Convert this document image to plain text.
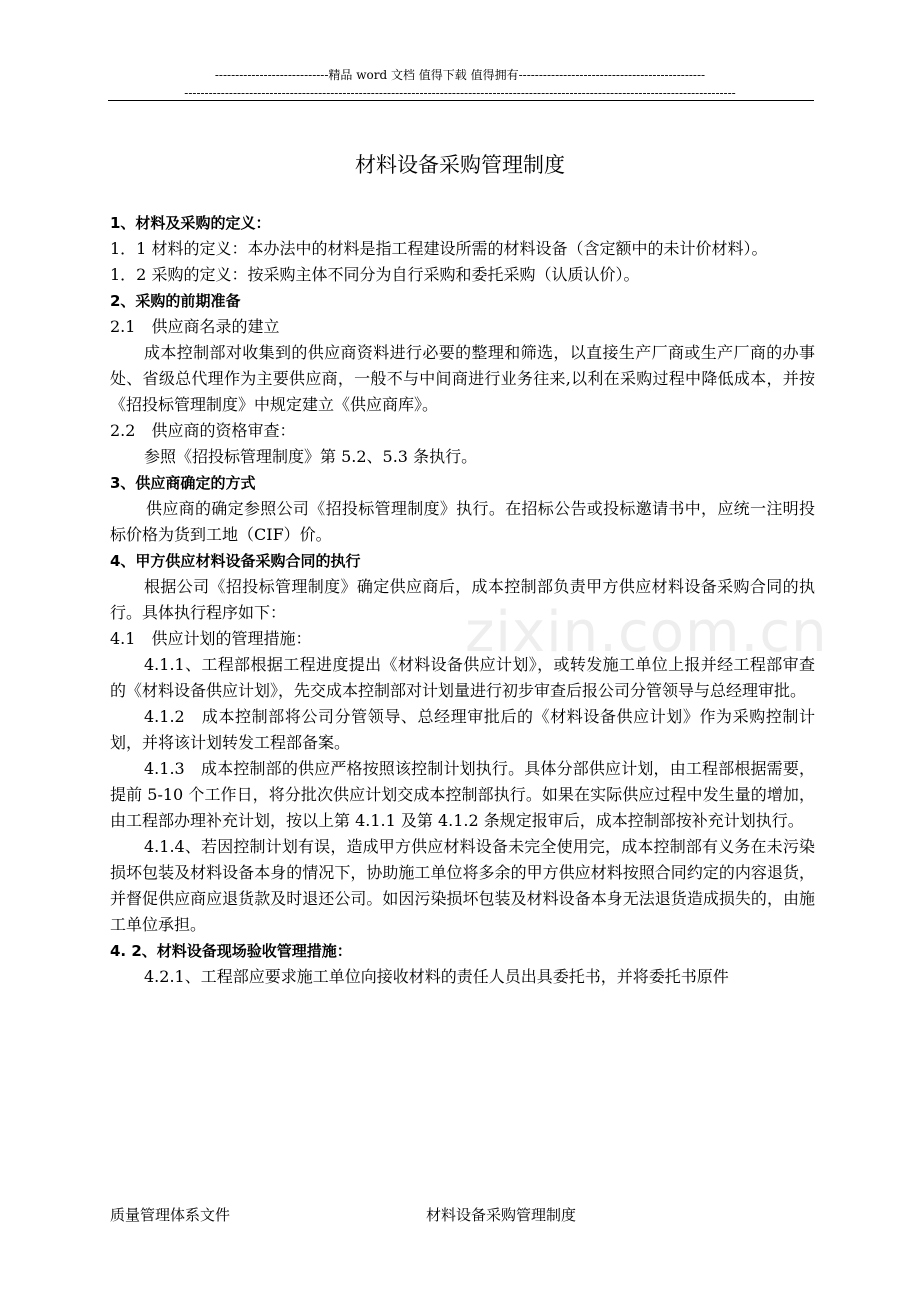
----------------------------精品 word 文档 值得下载 值得拥有----------------------------------------------
----------------------------------------------------------------------------------------------------------------------------------------
材料设备采购管理制度
zixin.com.cn

1、材料及采购的定义：

1．1 材料的定义：本办法中的材料是指工程建设所需的材料设备（含定额中的未计价材料）。

1．2 采购的定义：按采购主体不同分为自行采购和委托采购（认质认价）。

2、采购的前期准备

2.1　供应商名录的建立

成本控制部对收集到的供应商资料进行必要的整理和筛选，以直接生产厂商或生产厂商的办事处、省级总代理作为主要供应商，一般不与中间商进行业务往来,以利在采购过程中降低成本，并按《招投标管理制度》中规定建立《供应商库》。

2.2　供应商的资格审查：

参照《招投标管理制度》第 5.2、5.3 条执行。

3、供应商确定的方式

供应商的确定参照公司《招投标管理制度》执行。在招标公告或投标邀请书中，应统一注明投标价格为货到工地（CIF）价。

4、甲方供应材料设备采购合同的执行

根据公司《招投标管理制度》确定供应商后，成本控制部负责甲方供应材料设备采购合同的执行。具体执行程序如下：

4.1　供应计划的管理措施：

4.1.1、工程部根据工程进度提出《材料设备供应计划》，或转发施工单位上报并经工程部审查的《材料设备供应计划》，先交成本控制部对计划量进行初步审查后报公司分管领导与总经理审批。

4.1.2　成本控制部将公司分管领导、总经理审批后的《材料设备供应计划》作为采购控制计划，并将该计划转发工程部备案。

4.1.3　成本控制部的供应严格按照该控制计划执行。具体分部供应计划，由工程部根据需要，提前 5-10 个工作日，将分批次供应计划交成本控制部执行。如果在实际供应过程中发生量的增加，由工程部办理补充计划，按以上第 4.1.1 及第 4.1.2 条规定报审后，成本控制部按补充计划执行。

4.1.4、若因控制计划有误，造成甲方供应材料设备未完全使用完，成本控制部有义务在未污染损坏包装及材料设备本身的情况下，协助施工单位将多余的甲方供应材料按照合同约定的内容退货，并督促供应商应退货款及时退还公司。如因污染损坏包装及材料设备本身无法退货造成损失的，由施工单位承担。

4. 2、材料设备现场验收管理措施：

4.2.1、工程部应要求施工单位向接收材料的责任人员出具委托书，并将委托书原件

质量管理体系文件	材料设备采购管理制度
